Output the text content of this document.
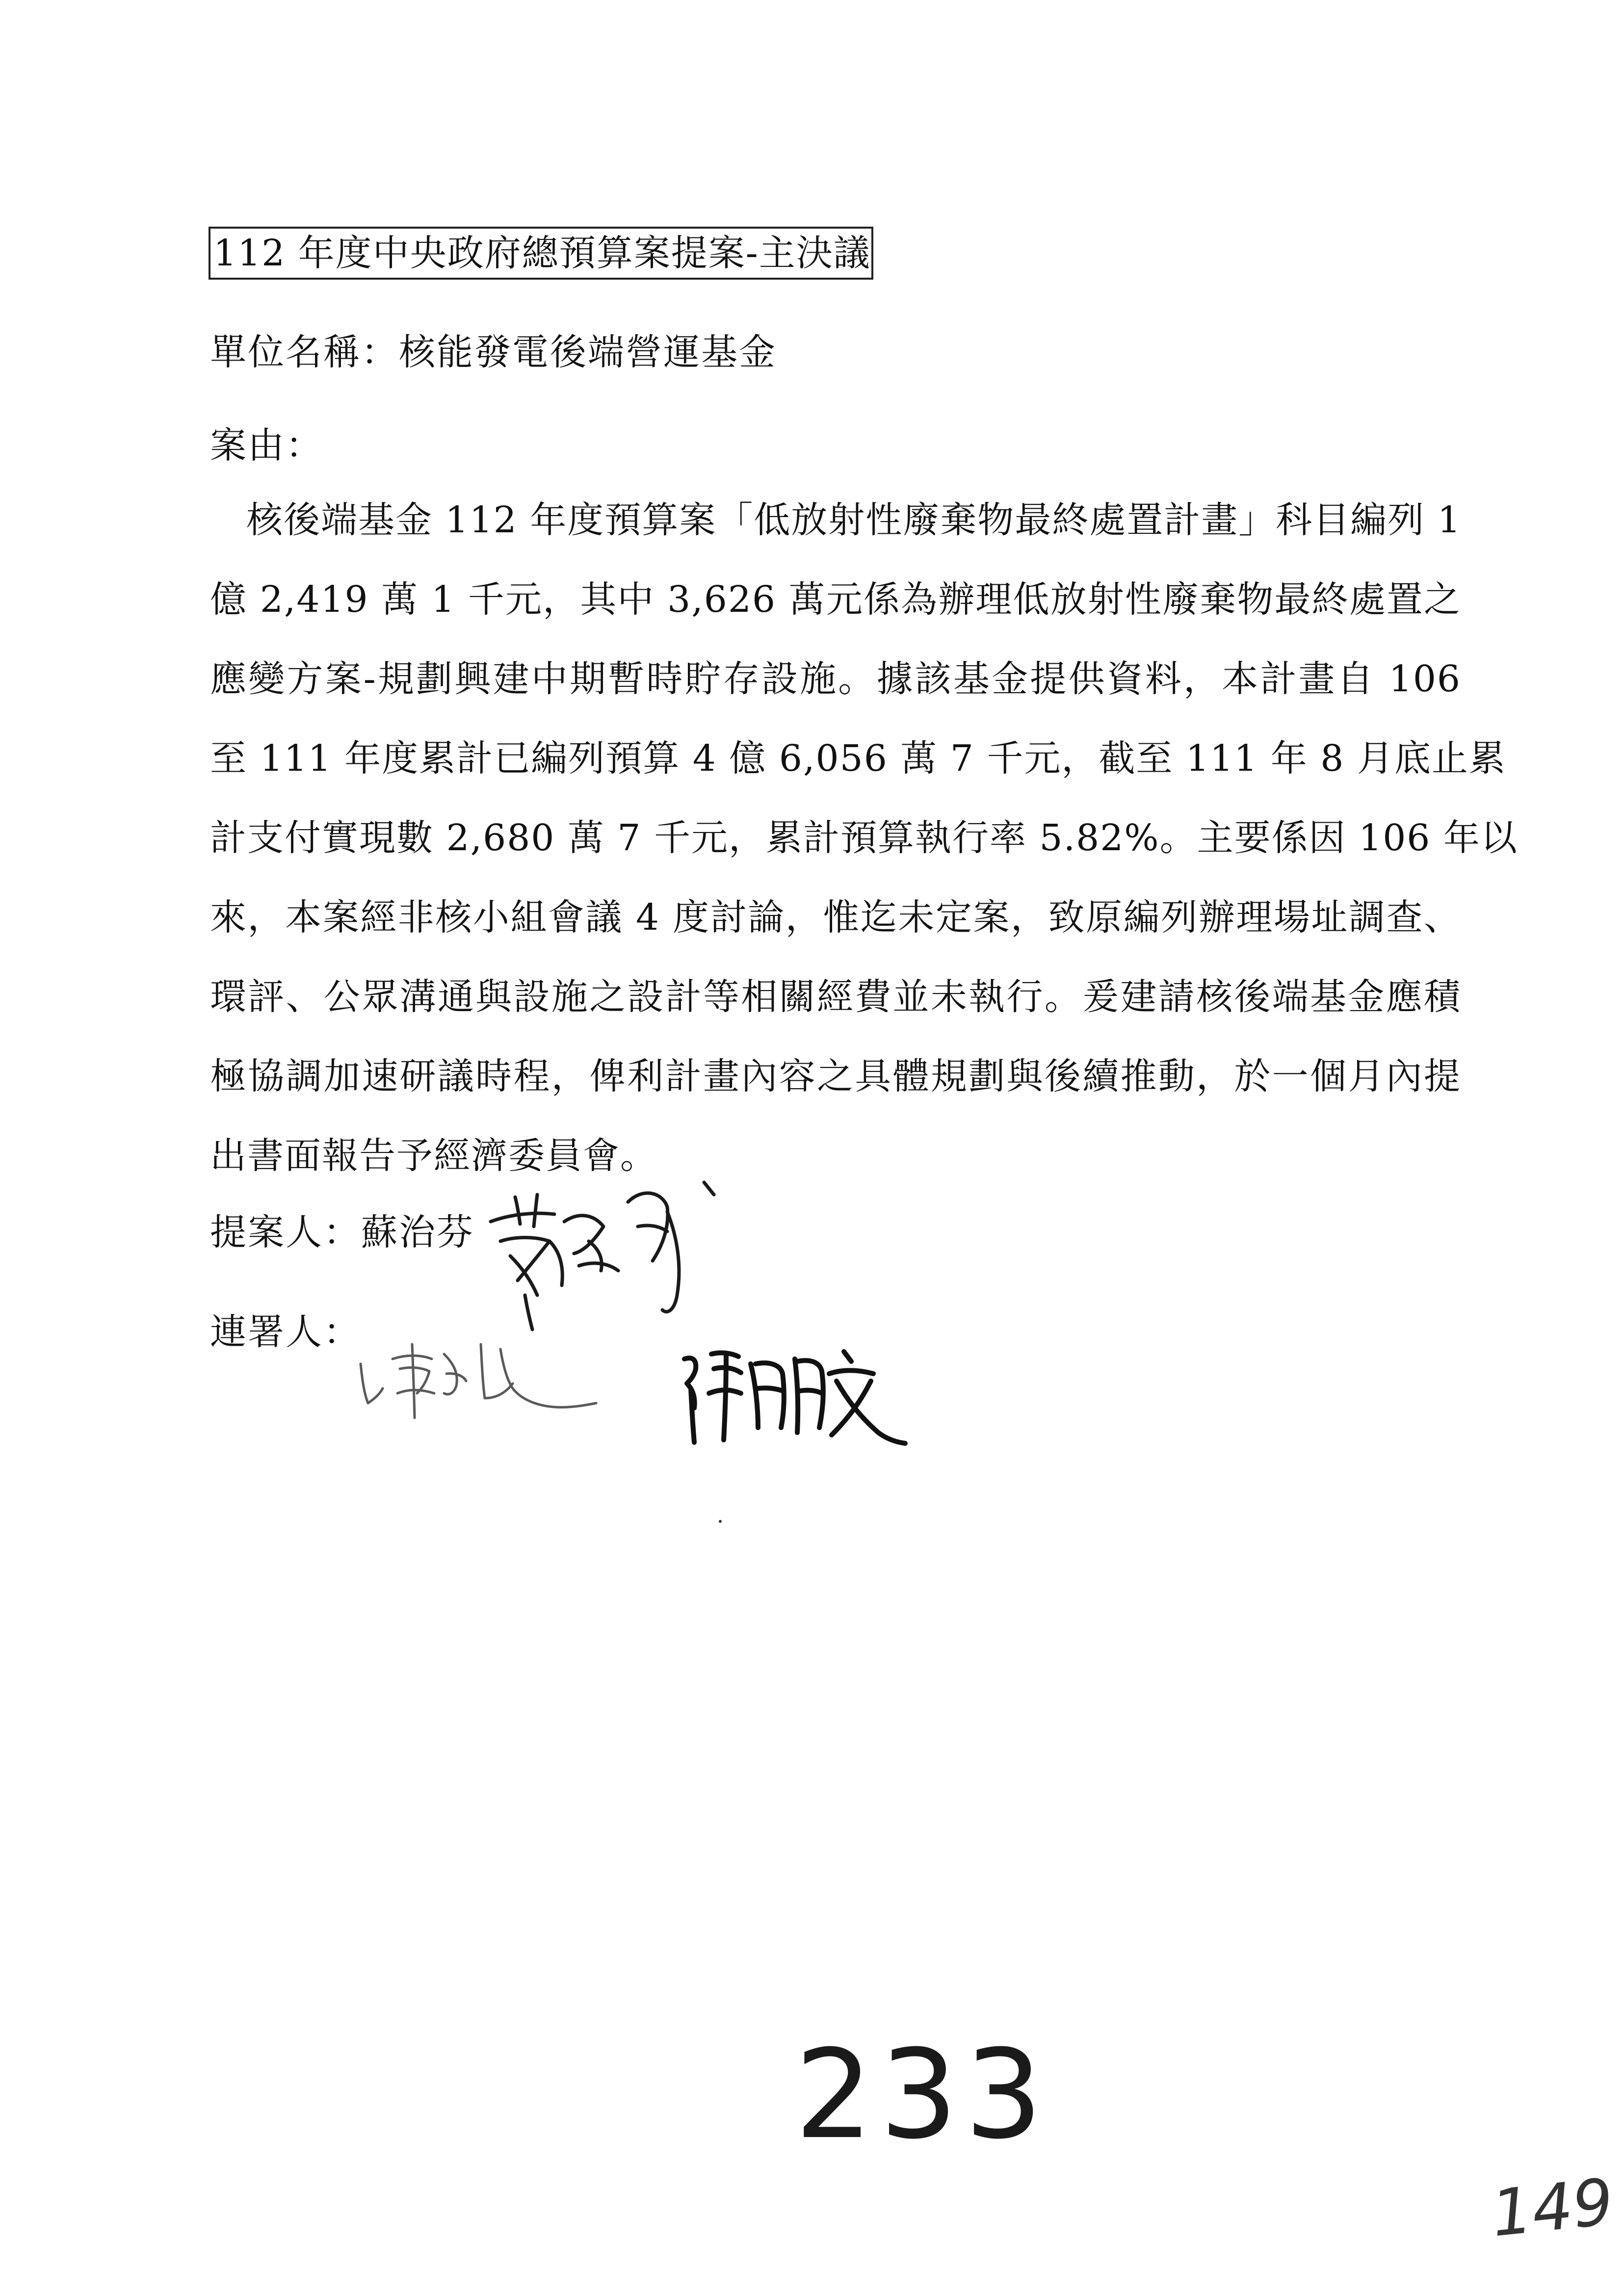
112 年度中央政府總預算案提案-主決議
單位名稱：核能發電後端營運基金
案由：
核後端基金 112 年度預算案「低放射性廢棄物最終處置計畫」科目編列 1
億 2,419 萬 1 千元，其中 3,626 萬元係為辦理低放射性廢棄物最終處置之
應變方案-規劃興建中期暫時貯存設施。據該基金提供資料，本計畫自 106
至 111 年度累計已編列預算 4 億 6,056 萬 7 千元，截至 111 年 8 月底止累
計支付實現數 2,680 萬 7 千元，累計預算執行率 5.82%。主要係因 106 年以
來，本案經非核小組會議 4 度討論，惟迄未定案，致原編列辦理場址調查、
環評、公眾溝通與設施之設計等相關經費並未執行。爰建請核後端基金應積
極協調加速研議時程，俾利計畫內容之具體規劃與後續推動，於一個月內提
出書面報告予經濟委員會。
提案人：蘇治芬
連署人：
233
149
